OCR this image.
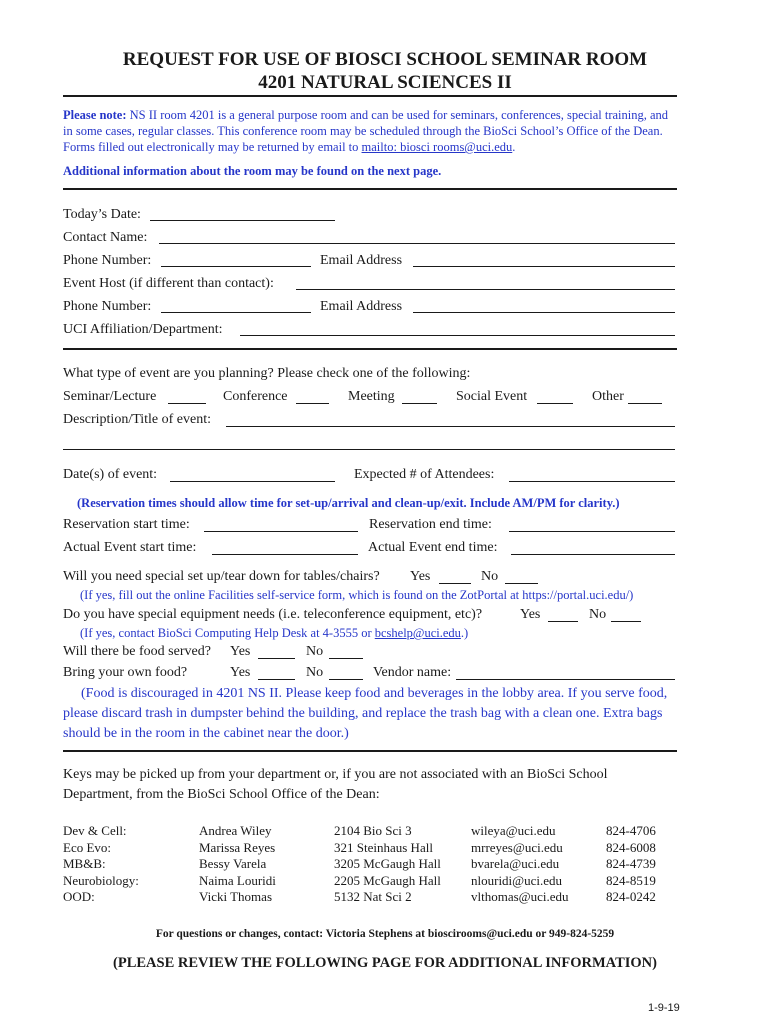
REQUEST FOR USE OF BIOSCI SCHOOL SEMINAR ROOM
4201 NATURAL SCIENCES II
Please note: NS II room 4201 is a general purpose room and can be used for seminars, conferences, special training, and in some cases, regular classes. This conference room may be scheduled through the BioSci School’s Office of the Dean. Forms filled out electronically may be returned by email to mailto: biosci rooms@uci.edu.
Additional information about the room may be found on the next page.
Today’s Date:
Contact Name:
Phone Number:	Email Address
Event Host (if different than contact):
Phone Number:	Email Address
UCI Affiliation/Department:
What type of event are you planning? Please check one of the following:
Seminar/Lecture	Conference	Meeting	Social Event	Other
Description/Title of event:
Date(s) of event:	Expected # of Attendees:
(Reservation times should allow time for set-up/arrival and clean-up/exit. Include AM/PM for clarity.)
Reservation start time:	Reservation end time:
Actual Event start time:	Actual Event end time:
Will you need special set up/tear down for tables/chairs? Yes	No
(If yes, fill out the online Facilities self-service form, which is found on the ZotPortal at https://portal.uci.edu/)
Do you have special equipment needs (i.e. teleconference equipment, etc)?	Yes	No
(If yes, contact BioSci Computing Help Desk at 4-3555 or bcshelp@uci.edu.)
Will there be food served? Yes	No
Bring your own food?	Yes	No	Vendor name:
(Food is discouraged in 4201 NS II. Please keep food and beverages in the lobby area. If you serve food, please discard trash in dumpster behind the building, and replace the trash bag with a clean one. Extra bags should be in the room in the cabinet near the door.)
Keys may be picked up from your department or, if you are not associated with an BioSci School Department, from the BioSci School Office of the Dean:
Dev & Cell:	Andrea Wiley	2104 Bio Sci 3	wileya@uci.edu	824-4706
Eco Evo:	Marissa Reyes	321 Steinhaus Hall	mrreyes@uci.edu	824-6008
MB&B:	Bessy Varela	3205 McGaugh Hall	bvarela@uci.edu	824-4739
Neurobiology:	Naima Louridi	2205 McGaugh Hall	nlouridi@uci.edu	824-8519
OOD:	Vicki Thomas	5132 Nat Sci 2	vlthomas@uci.edu	824-0242
For questions or changes, contact: Victoria Stephens at bioscirooms@uci.edu or 949-824-5259
(PLEASE REVIEW THE FOLLOWING PAGE FOR ADDITIONAL INFORMATION)
1-9-19
